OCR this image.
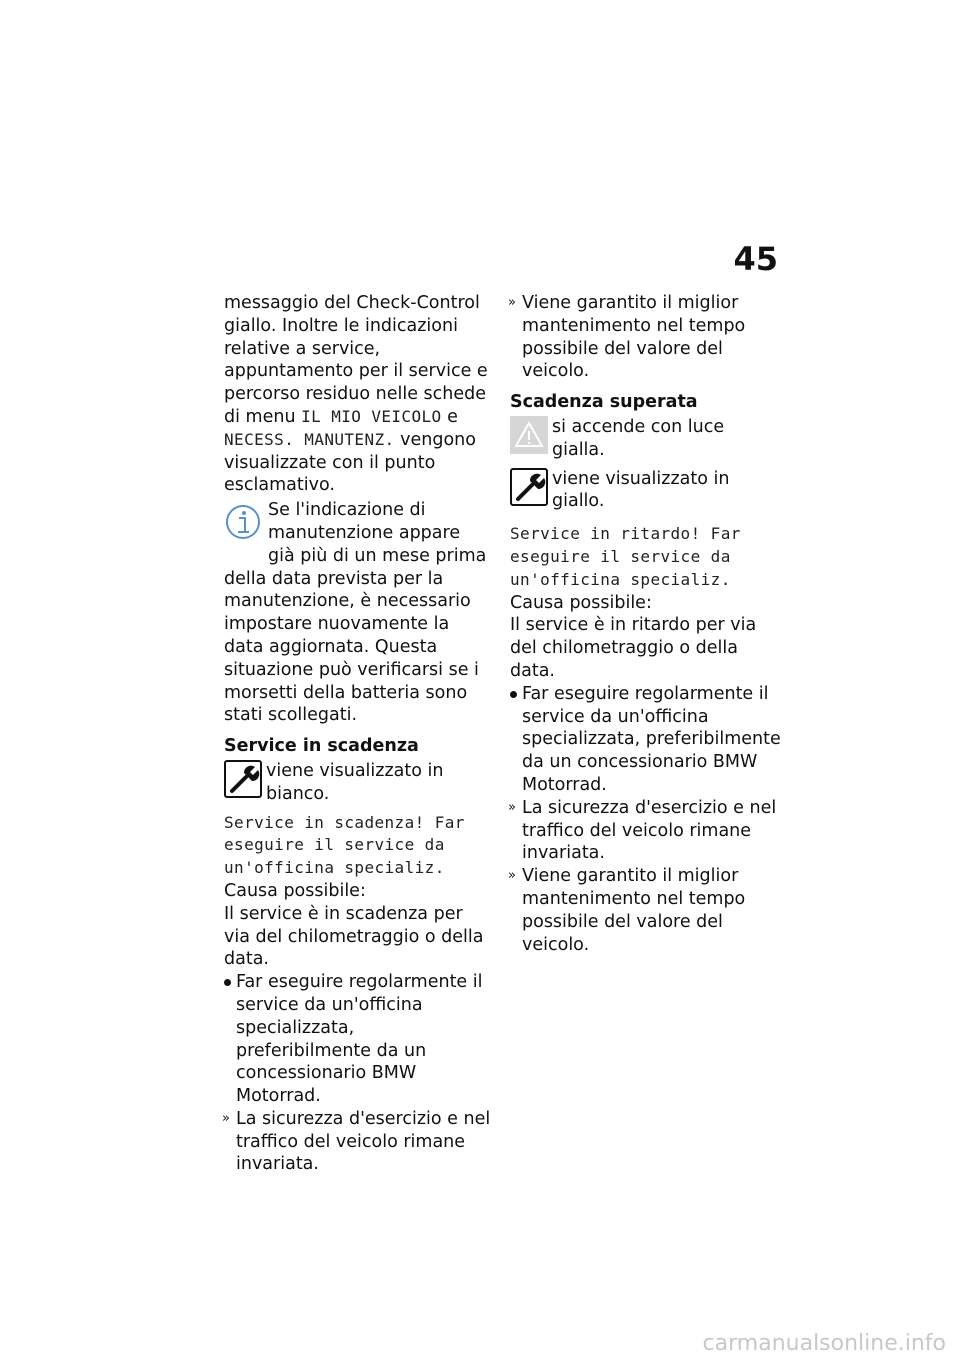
45

messaggio del Check-Control giallo. Inoltre le indicazioni relative a service, appuntamento per il service e percorso residuo nelle schede di menu IL MIO VEICOLO e NECESS. MANUTENZ. vengono visualizzate con il punto esclamativo.

Se l'indicazione di manutenzione appare già più di un mese prima della data prevista per la manutenzione, è necessario impostare nuovamente la data aggiornata. Questa situazione può verificarsi se i morsetti della batteria sono stati scollegati.

Service in scadenza

viene visualizzato in bianco.

Service in scadenza! Far eseguire il service da un'officina specializ.

Causa possibile:

Il service è in scadenza per via del chilometraggio o della data.

Far eseguire regolarmente il service da un'officina specializzata, preferibilmente da un concessionario BMW Motorrad.
» La sicurezza d'esercizio e nel traffico del veicolo rimane invariata.
» Viene garantito il miglior mantenimento nel tempo possibile del valore del veicolo.
Scadenza superata

si accende con luce gialla.

viene visualizzato in giallo.

Service in ritardo! Far eseguire il service da un'officina specializ.

Causa possibile:

Il service è in ritardo per via del chilometraggio o della data.

Far eseguire regolarmente il service da un'officina specializzata, preferibilmente da un concessionario BMW Motorrad.
» La sicurezza d'esercizio e nel traffico del veicolo rimane invariata.
» Viene garantito il miglior mantenimento nel tempo possibile del valore del veicolo.
carmanualsonline.info
